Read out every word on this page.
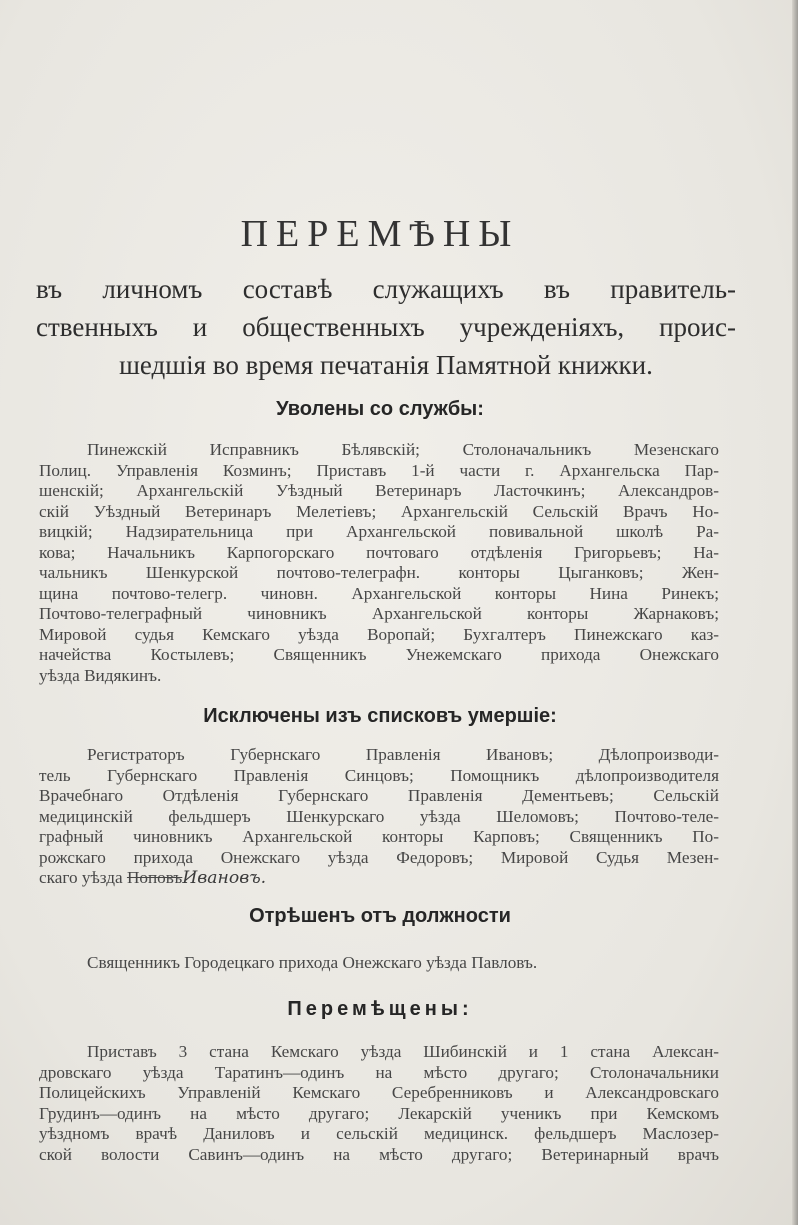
ПЕРЕМѢНЫ
въ личномъ составѣ служащихъ въ правитель-
ственныхъ и общественныхъ учрежденіяхъ, проис-
шедшія во время печатанія Памятной книжки.
Уволены со службы:
Пинежскій Исправникъ Бѣлявскій; Столоначальникъ Мезенскаго
Полиц. Управленія Козминъ; Приставъ 1-й части г. Архангельска Пар-
шенскій; Архангельскій Уѣздный Ветеринаръ Ласточкинъ; Александров-
скій Уѣздный Ветеринаръ Мелетіевъ; Архангельскій Сельскій Врачъ Но-
вицкій; Надзирательница при Архангельской повивальной школѣ Ра-
кова; Начальникъ Карпогорскаго почтоваго отдѣленія Григорьевъ; На-
чальникъ Шенкурской почтово-телеграфн. конторы Цыганковъ; Жен-
щина почтово-телегр. чиновн. Архангельской конторы Нина Ринекъ;
Почтово-телеграфный чиновникъ Архангельской конторы Жарнаковъ;
Мировой судья Кемскаго уѣзда Воропай; Бухгалтеръ Пинежскаго каз-
начейства Костылевъ; Священникъ Унежемскаго прихода Онежскаго
уѣзда Видякинъ.
Исключены изъ списковъ умершіе:
Регистраторъ Губернскаго Правленія Ивановъ; Дѣлопроизводи-
тель Губернскаго Правленія Синцовъ; Помощникъ дѣлопроизводителя
Врачебнаго Отдѣленія Губернскаго Правленія Дементьевъ; Сельскій
медицинскій фельдшеръ Шенкурскаго уѣзда Шеломовъ; Почтово-теле-
графный чиновникъ Архангельской конторы Карповъ; Священникъ По-
рожскаго прихода Онежскаго уѣзда Федоровъ; Мировой Судья Мезен-
скаго уѣзда ПоповъИвановъ.
Отрѣшенъ отъ должности
Священникъ Городецкаго прихода Онежскаго уѣзда Павловъ.
Перемѣщены:
Приставъ 3 стана Кемскаго уѣзда Шибинскій и 1 стана Алексан-
дровскаго уѣзда Таратинъ—одинъ на мѣсто другаго; Столоначальники
Полицейскихъ Управленій Кемскаго Серебренниковъ и Александровскаго
Грудинъ—одинъ на мѣсто другаго; Лекарскій ученикъ при Кемскомъ
уѣздномъ врачѣ Даниловъ и сельскій медицинск. фельдшеръ Маслозер-
ской волости Савинъ—одинъ на мѣсто другаго; Ветеринарный врачъ
